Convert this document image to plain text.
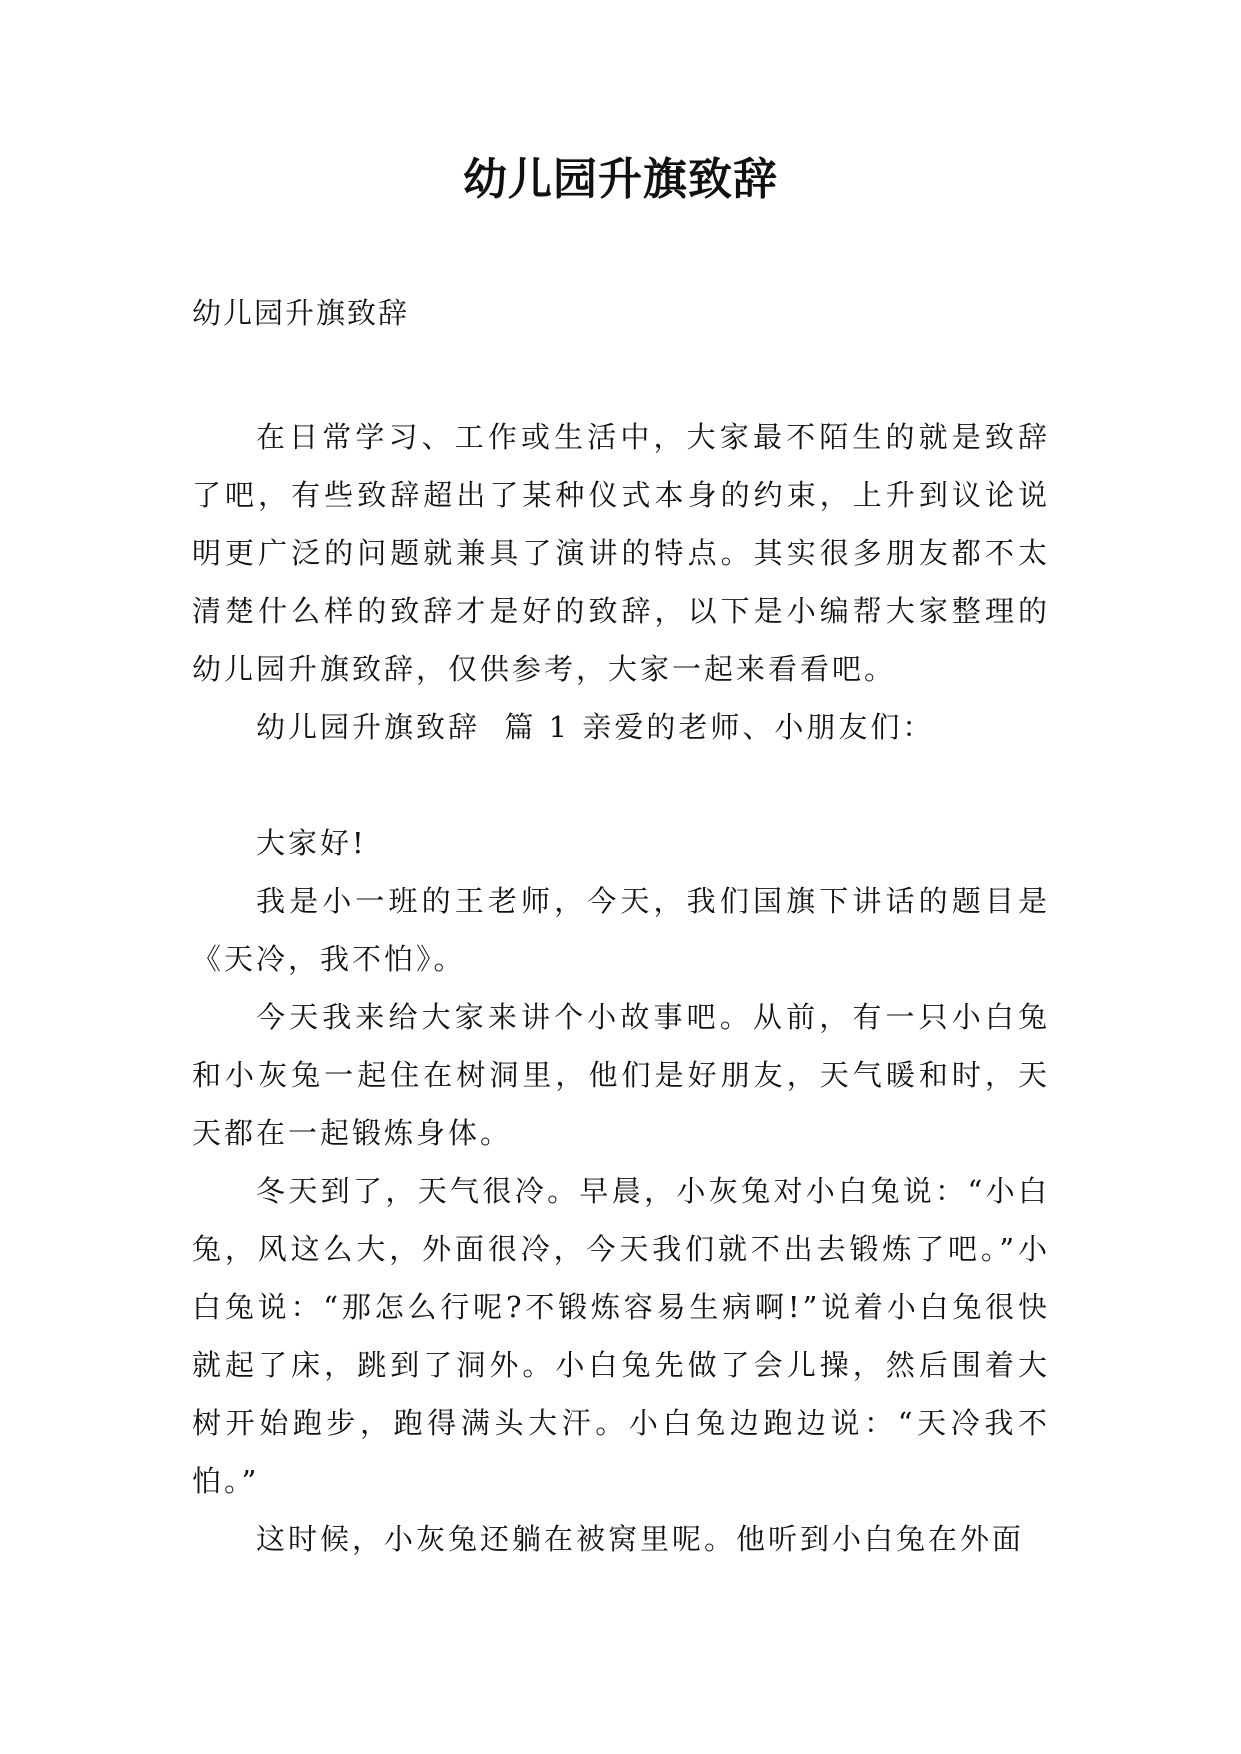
幼儿园升旗致辞
幼儿园升旗致辞

在日常学习、工作或生活中，大家最不陌生的就是致辞了吧，有些致辞超出了某种仪式本身的约束，上升到议论说明更广泛的问题就兼具了演讲的特点。其实很多朋友都不太清楚什么样的致辞才是好的致辞，以下是小编帮大家整理的幼儿园升旗致辞，仅供参考，大家一起来看看吧。

幼儿园升旗致辞  篇 1 亲爱的老师、小朋友们：

大家好!

我是小一班的王老师，今天，我们国旗下讲话的题目是《天冷，我不怕》。

今天我来给大家来讲个小故事吧。从前，有一只小白兔和小灰兔一起住在树洞里，他们是好朋友，天气暖和时，天天都在一起锻炼身体。

冬天到了，天气很冷。早晨，小灰兔对小白兔说：“小白兔，风这么大，外面很冷，今天我们就不出去锻炼了吧。”小白兔说：“那怎么行呢?不锻炼容易生病啊!”说着小白兔很快就起了床，跳到了洞外。小白兔先做了会儿操，然后围着大树开始跑步，跑得满头大汗。小白兔边跑边说：“天冷我不怕。”

这时候，小灰兔还躺在被窝里呢。他听到小白兔在外面
